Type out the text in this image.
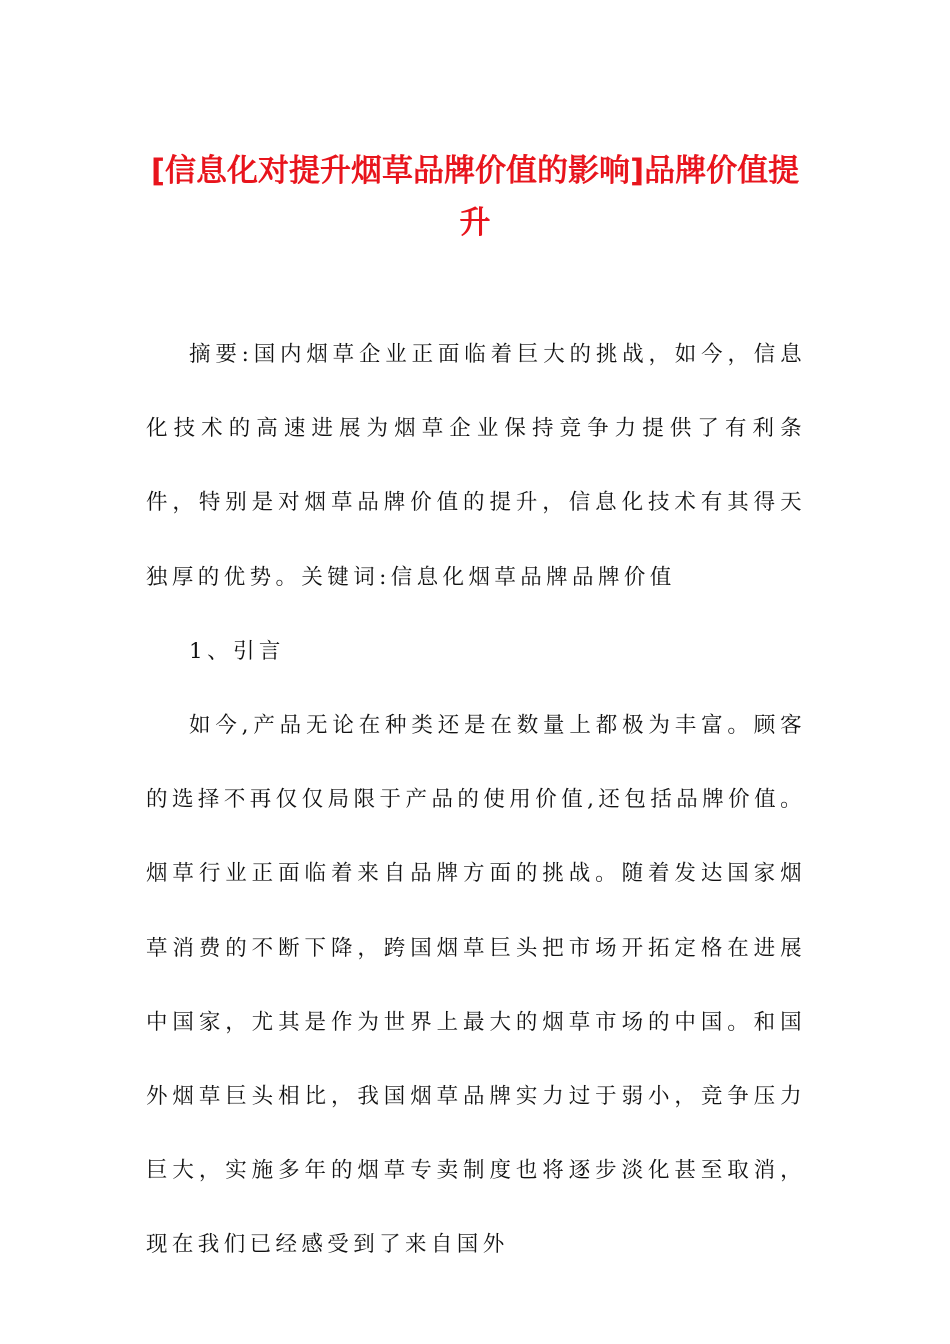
[信息化对提升烟草品牌价值的影响]品牌价值提升

摘要:国内烟草企业正面临着巨大的挑战，如今，信息化技术的高速进展为烟草企业保持竞争力提供了有利条件，特别是对烟草品牌价值的提升，信息化技术有其得天独厚的优势。关键词:信息化烟草品牌品牌价值

1、引言

如今,产品无论在种类还是在数量上都极为丰富。顾客的选择不再仅仅局限于产品的使用价值,还包括品牌价值。烟草行业正面临着来自品牌方面的挑战。随着发达国家烟草消费的不断下降，跨国烟草巨头把市场开拓定格在进展中国家，尤其是作为世界上最大的烟草市场的中国。和国外烟草巨头相比，我国烟草品牌实力过于弱小，竞争压力巨大，实施多年的烟草专卖制度也将逐步淡化甚至取消，现在我们已经感受到了来自国外
